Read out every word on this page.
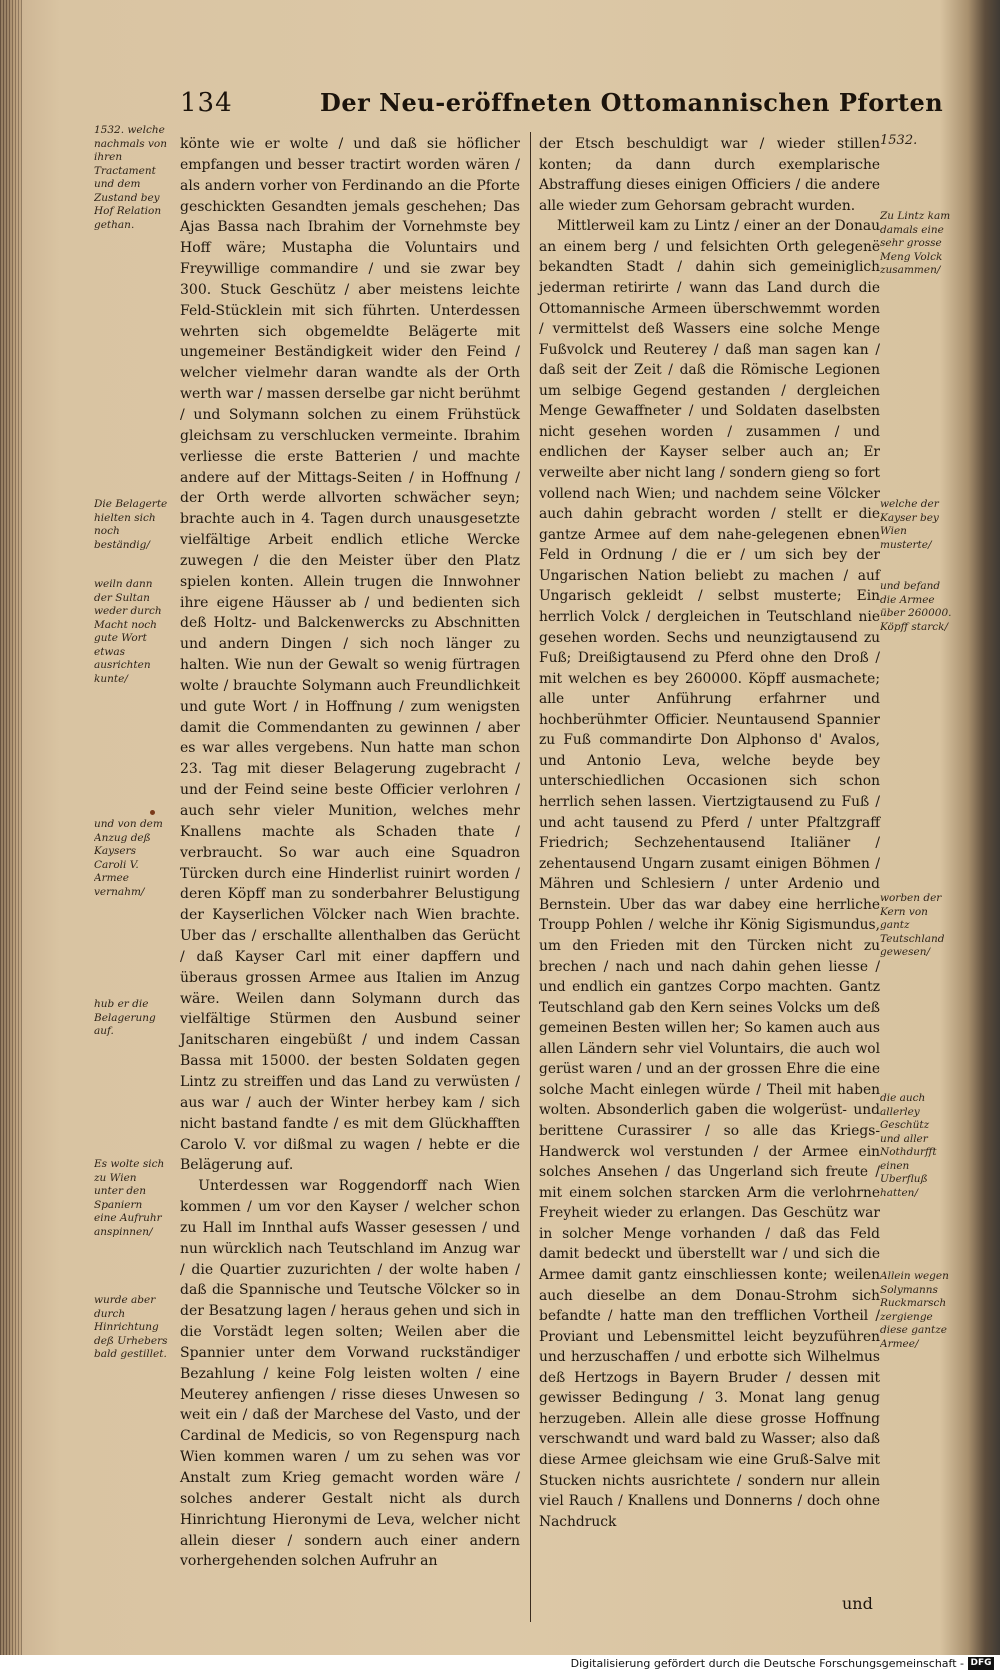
134	Der Neu-eröffneten Ottomannischen Pforten
1532. welche nachmals von ihren Tractament und dem Zustand bey Hof Relation gethan.
Die Belagerte hielten sich noch beständig/
weiln dann der Sultan weder durch Macht noch gute Wort etwas ausrichten kunte/
und von dem Anzug deß Kaysers Caroli V. Armee vernahm/
hub er die Belagerung auf.
Es wolte sich zu Wien unter den Spaniern eine Aufruhr anspinnen/
wurde aber durch Hinrichtung deß Urhebers bald gestillet.
1532.
Zu Lintz kam damals eine sehr grosse Meng Volck zusammen/
welche der Kayser bey Wien musterte/
und befand die Armee über 260000. Köpff starck/
worben der Kern von gantz Teutschland gewesen/
die auch allerley Geschütz und aller Nothdurfft einen Uberfluß hatten/
Allein wegen Solymanns Ruckmarsch zergienge diese gantze Armee/

könte wie er wolte / und daß sie höflicher empfangen und besser tractirt worden wären / als andern vorher von Ferdinando an die Pforte geschickten Gesandten jemals geschehen; Das Ajas Bassa nach Ibrahim der Vornehmste bey Hoff wäre; Mustapha die Voluntairs und Freywillige commandire / und sie zwar bey 300. Stuck Geschütz / aber meistens leichte Feld-Stücklein mit sich führten. Unterdessen wehrten sich obgemeldte Belägerte mit ungemeiner Beständigkeit wider den Feind / welcher vielmehr daran wandte als der Orth werth war / massen derselbe gar nicht berühmt / und Solymann solchen zu einem Frühstück gleichsam zu verschlucken vermeinte. Ibrahim verliesse die erste Batterien / und machte andere auf der Mittags-Seiten / in Hoffnung / der Orth werde allvorten schwächer seyn; brachte auch in 4. Tagen durch unausgesetzte vielfältige Arbeit endlich etliche Wercke zuwegen / die den Meister über den Platz spielen konten. Allein trugen die Innwohner ihre eigene Häusser ab / und bedienten sich deß Holtz- und Balckenwercks zu Abschnitten und andern Dingen / sich noch länger zu halten. Wie nun der Gewalt so wenig fürtragen wolte / brauchte Solymann auch Freundlichkeit und gute Wort / in Hoffnung / zum wenigsten damit die Commendanten zu gewinnen / aber es war alles vergebens. Nun hatte man schon 23. Tag mit dieser Belagerung zugebracht / und der Feind seine beste Officier verlohren / auch sehr vieler Munition, welches mehr Knallens machte als Schaden thate / verbraucht. So war auch eine Squadron Türcken durch eine Hinderlist ruinirt worden / deren Köpff man zu sonderbahrer Belustigung der Kayserlichen Völcker nach Wien brachte. Uber das / erschallte allenthalben das Gerücht / daß Kayser Carl mit einer dapffern und überaus grossen Armee aus Italien im Anzug wäre. Weilen dann Solymann durch das vielfältige Stürmen den Ausbund seiner Janitscharen eingebüßt / und indem Cassan Bassa mit 15000. der besten Soldaten gegen Lintz zu streiffen und das Land zu verwüsten / aus war / auch der Winter herbey kam / sich nicht bastand fandte / es mit dem Glückhafften Carolo V. vor dißmal zu wagen / hebte er die Belägerung auf.

Unterdessen war Roggendorff nach Wien kommen / um vor den Kayser / welcher schon zu Hall im Innthal aufs Wasser gesessen / und nun würcklich nach Teutschland im Anzug war / die Quartier zuzurichten / der wolte haben / daß die Spannische und Teutsche Völcker so in der Besatzung lagen / heraus gehen und sich in die Vorstädt legen solten; Weilen aber die Spannier unter dem Vorwand ruckständiger Bezahlung / keine Folg leisten wolten / eine Meuterey anfiengen / risse dieses Unwesen so weit ein / daß der Marchese del Vasto, und der Cardinal de Medicis, so von Regenspurg nach Wien kommen waren / um zu sehen was vor Anstalt zum Krieg gemacht worden wäre / solches anderer Gestalt nicht als durch Hinrichtung Hieronymi de Leva, welcher nicht allein dieser / sondern auch einer andern vorhergehenden solchen Aufruhr an

der Etsch beschuldigt war / wieder stillen konten; da dann durch exemplarische Abstraffung dieses einigen Officiers / die andere alle wieder zum Gehorsam gebracht wurden.

Mittlerweil kam zu Lintz / einer an der Donau an einem berg / und felsichten Orth gelegenë bekandten Stadt / dahin sich gemeiniglich jederman retirirte / wann das Land durch die Ottomannische Armeen überschwemmt worden / vermittelst deß Wassers eine solche Menge Fußvolck und Reuterey / daß man sagen kan / daß seit der Zeit / daß die Römische Legionen um selbige Gegend gestanden / dergleichen Menge Gewaffneter / und Soldaten daselbsten nicht gesehen worden / zusammen / und endlichen der Kayser selber auch an; Er verweilte aber nicht lang / sondern gieng so fort vollend nach Wien; und nachdem seine Völcker auch dahin gebracht worden / stellt er die gantze Armee auf dem nahe-gelegenen ebnen Feld in Ordnung / die er / um sich bey der Ungarischen Nation beliebt zu machen / auf Ungarisch gekleidt / selbst musterte; Ein herrlich Volck / dergleichen in Teutschland nie gesehen worden. Sechs und neunzigtausend zu Fuß; Dreißigtausend zu Pferd ohne den Droß / mit welchen es bey 260000. Köpff ausmachete; alle unter Anführung erfahrner und hochberühmter Officier. Neuntausend Spannier zu Fuß commandirte Don Alphonso d' Avalos, und Antonio Leva, welche beyde bey unterschiedlichen Occasionen sich schon herrlich sehen lassen. Viertzigtausend zu Fuß / und acht tausend zu Pferd / unter Pfaltzgraff Friedrich; Sechzehentausend Italiäner / zehentausend Ungarn zusamt einigen Böhmen / Mähren und Schlesiern / unter Ardenio und Bernstein. Uber das war dabey eine herrliche Troupp Pohlen / welche ihr König Sigismundus, um den Frieden mit den Türcken nicht zu brechen / nach und nach dahin gehen liesse / und endlich ein gantzes Corpo machten. Gantz Teutschland gab den Kern seines Volcks um deß gemeinen Besten willen her; So kamen auch aus allen Ländern sehr viel Voluntairs, die auch wol gerüst waren / und an der grossen Ehre die eine solche Macht einlegen würde / Theil mit haben wolten. Absonderlich gaben die wolgerüst- und berittene Curassirer / so alle das Kriegs-Handwerck wol verstunden / der Armee ein solches Ansehen / das Ungerland sich freute / mit einem solchen starcken Arm die verlohrne Freyheit wieder zu erlangen. Das Geschütz war in solcher Menge vorhanden / daß das Feld damit bedeckt und überstellt war / und sich die Armee damit gantz einschliessen konte; weilen auch dieselbe an dem Donau-Strohm sich befandte / hatte man den trefflichen Vortheil / Proviant und Lebensmittel leicht beyzuführen und herzuschaffen / und erbotte sich Wilhelmus deß Hertzogs in Bayern Bruder / dessen mit gewisser Bedingung / 3. Monat lang genug herzugeben. Allein alle diese grosse Hoffnung verschwandt und ward bald zu Wasser; also daß diese Armee gleichsam wie eine Gruß-Salve mit Stucken nichts ausrichtete / sondern nur allein viel Rauch / Knallens und Donnerns / doch ohne Nachdruck

und
Digitalisierung gefördert durch die Deutsche Forschungsgemeinschaft - DFG
